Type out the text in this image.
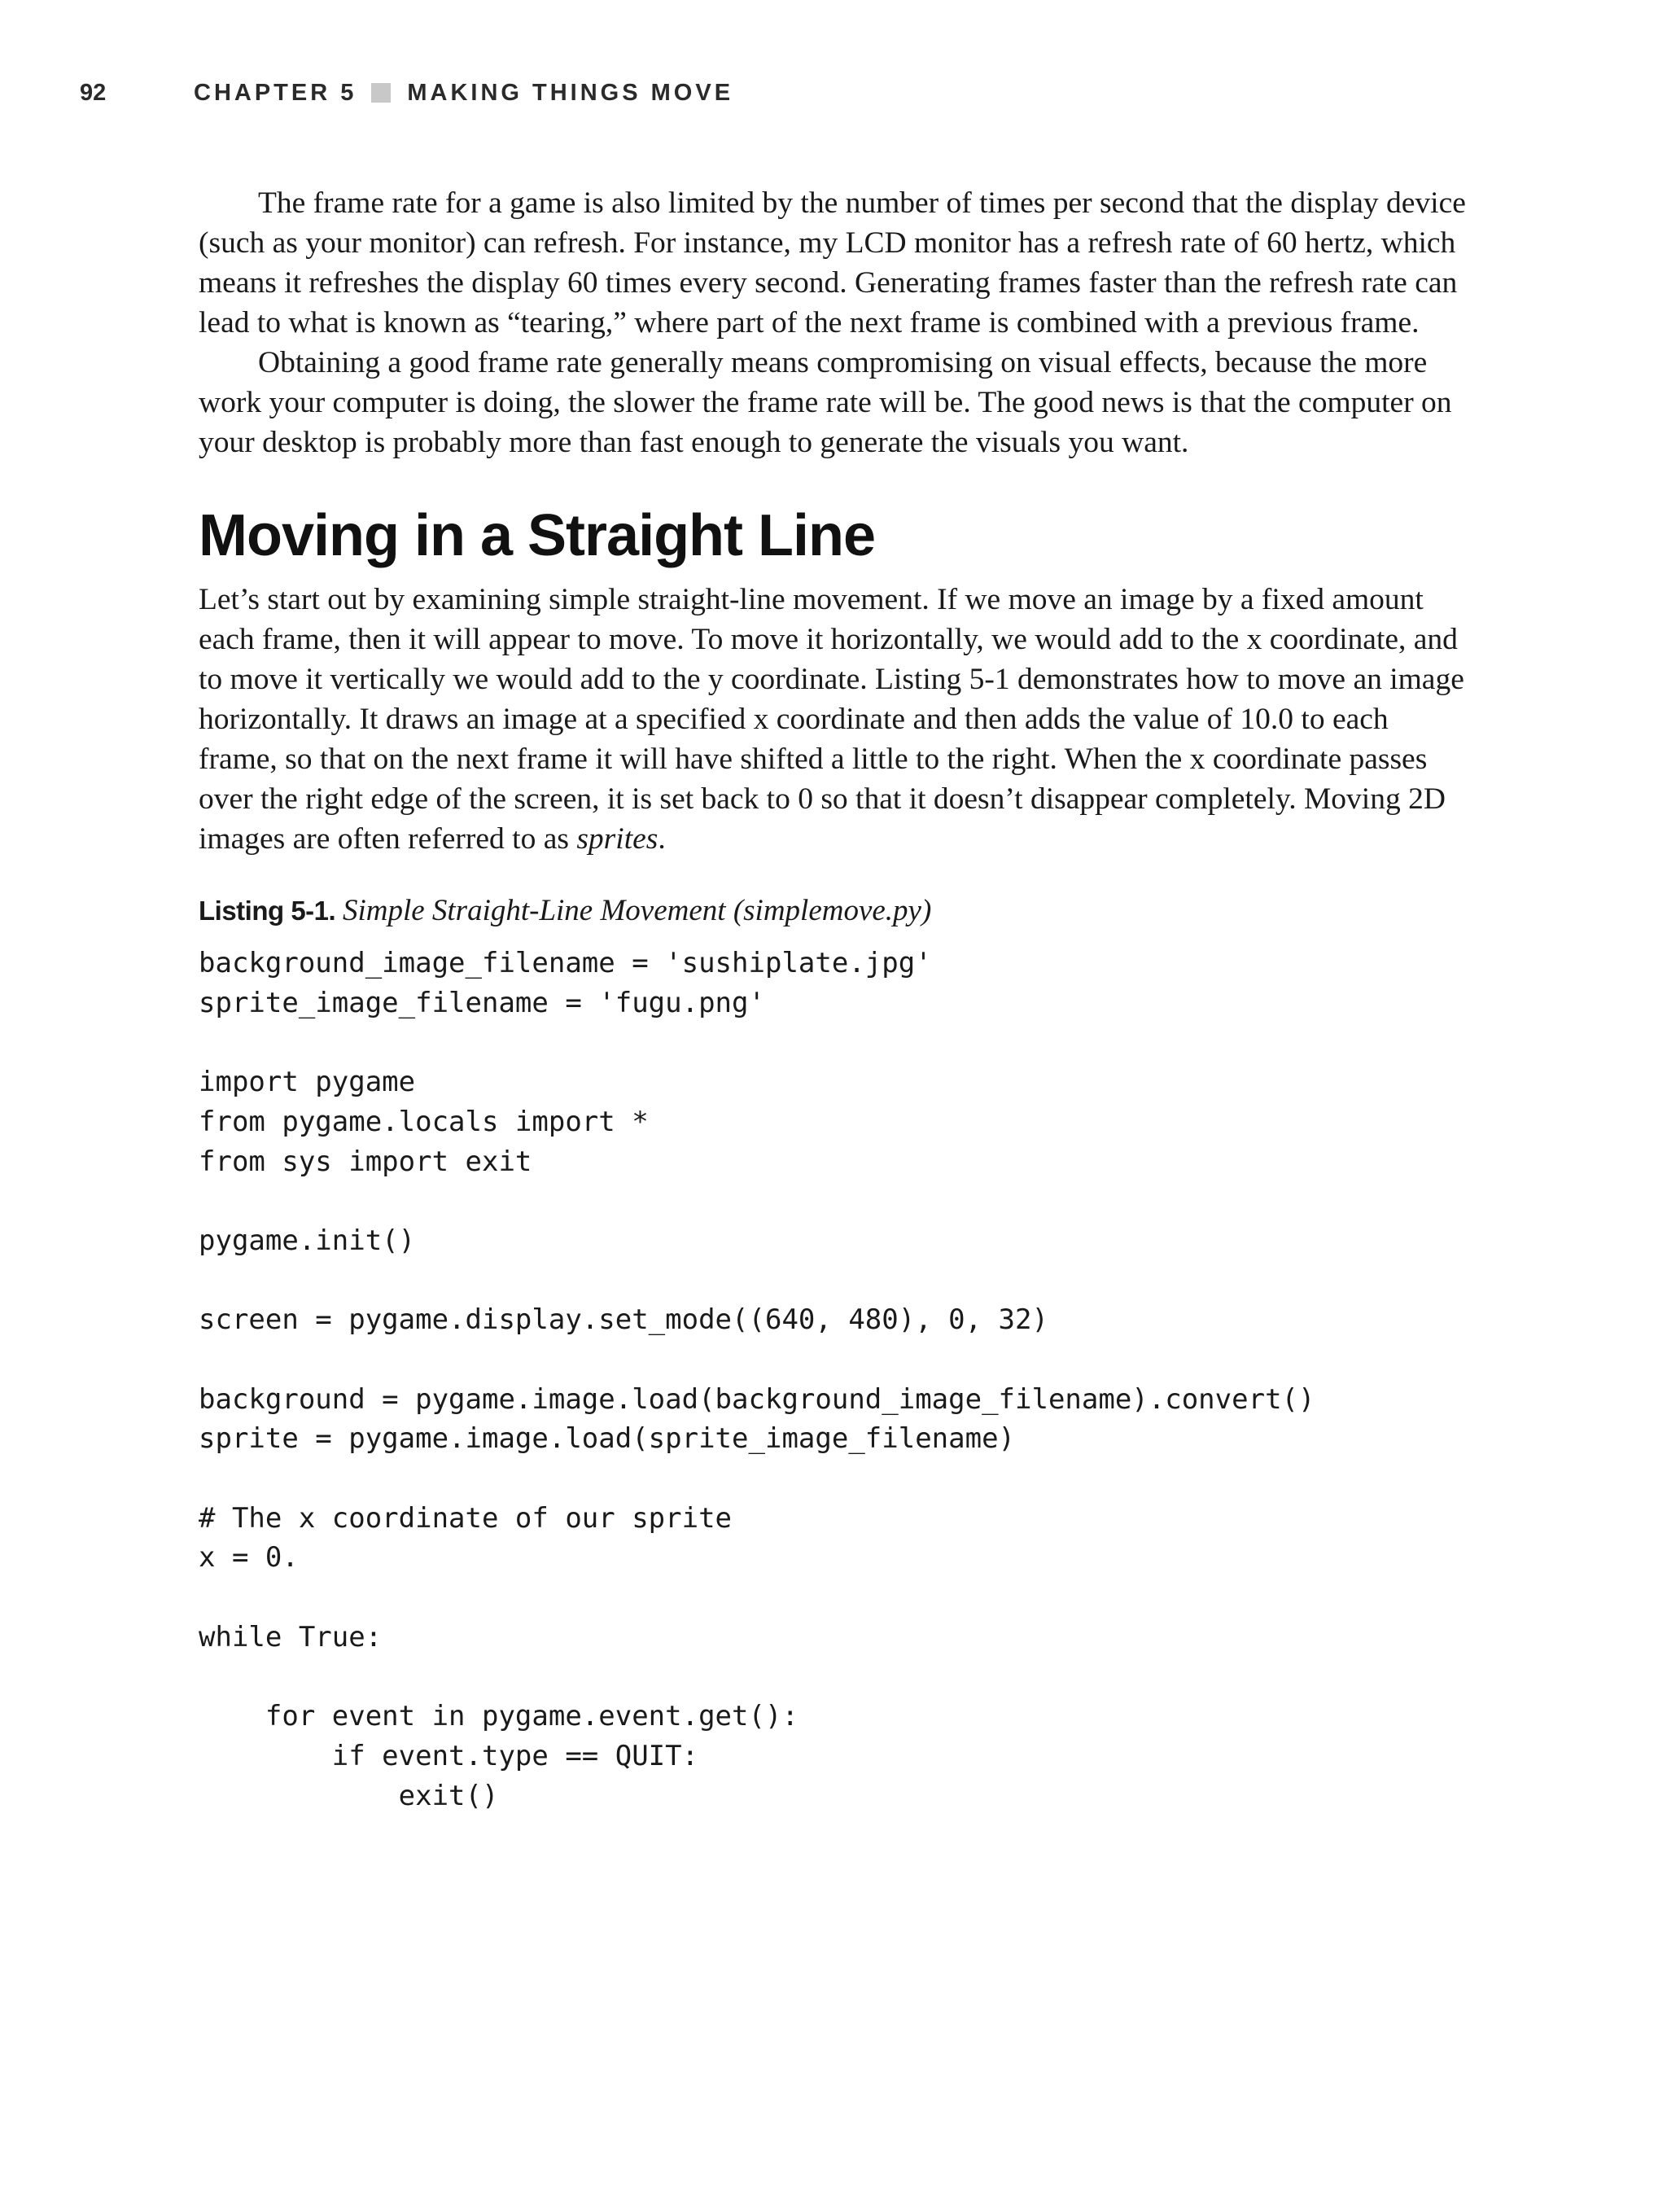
92	CHAPTER 5 MAKING THINGS MOVE

The frame rate for a game is also limited by the number of times per second that the display device (such as your monitor) can refresh. For instance, my LCD monitor has a refresh rate of 60 hertz, which means it refreshes the display 60 times every second. Generating frames faster than the refresh rate can lead to what is known as “tearing,” where part of the next frame is combined with a previous frame.

Obtaining a good frame rate generally means compromising on visual effects, because the more work your computer is doing, the slower the frame rate will be. The good news is that the computer on your desktop is probably more than fast enough to generate the visuals you want.

Moving in a Straight Line

Let’s start out by examining simple straight-line movement. If we move an image by a fixed amount each frame, then it will appear to move. To move it horizontally, we would add to the x coordinate, and to move it vertically we would add to the y coordinate. Listing 5-1 demonstrates how to move an image horizontally. It draws an image at a specified x coordinate and then adds the value of 10.0 to each frame, so that on the next frame it will have shifted a little to the right. When the x coordinate passes over the right edge of the screen, it is set back to 0 so that it doesn’t disappear completely. Moving 2D images are often referred to as sprites.

Listing 5-1. Simple Straight-Line Movement (simplemove.py)
background_image_filename = 'sushiplate.jpg'
sprite_image_filename = 'fugu.png'
import pygame
from pygame.locals import *
from sys import exit
pygame.init()
screen = pygame.display.set_mode((640, 480), 0, 32)
background = pygame.image.load(background_image_filename).convert()
sprite = pygame.image.load(sprite_image_filename)
# The x coordinate of our sprite
x = 0.
while True:
for event in pygame.event.get():
if event.type == QUIT:
exit()
